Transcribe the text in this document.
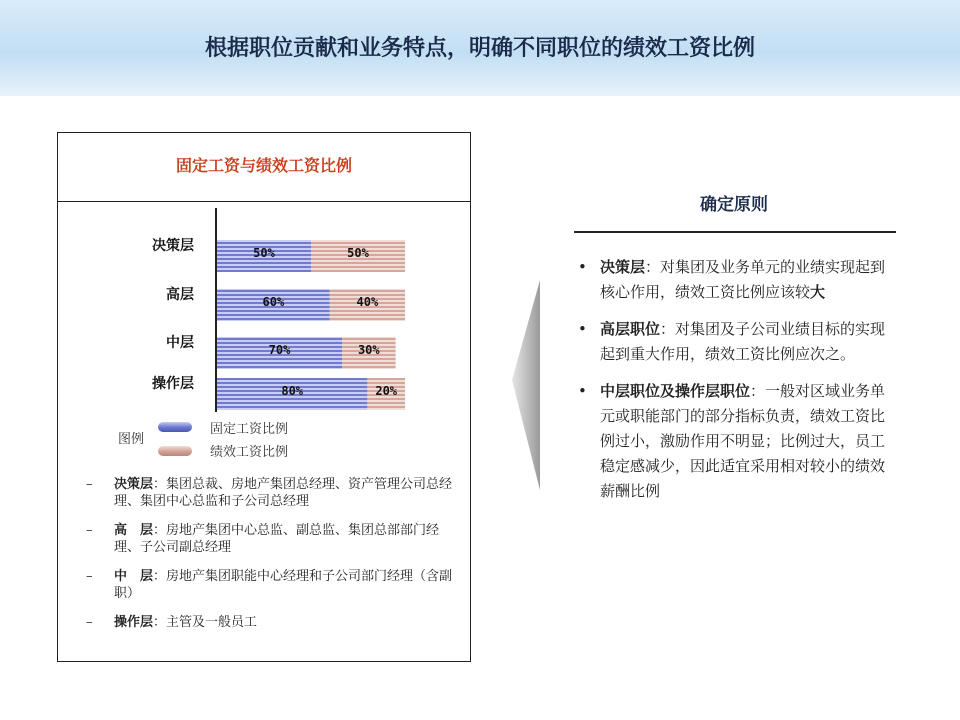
根据职位贡献和业务特点，明确不同职位的绩效工资比例
固定工资与绩效工资比例
决策层	50%	50%
高层	60%	40%
中层	70%	30%
操作层	80%	20%
图例
固定工资比例
绩效工资比例
– 决策层：集团总裁、房地产集团总经理、资产管理公司总经理、集团中心总监和子公司总经理
– 高　层：房地产集团中心总监、副总监、集团总部部门经理、子公司副总经理
– 中　层：房地产集团职能中心经理和子公司部门经理（含副职）
– 操作层：主管及一般员工
确定原则
• 决策层：对集团及业务单元的业绩实现起到核心作用，绩效工资比例应该较大
• 高层职位：对集团及子公司业绩目标的实现起到重大作用，绩效工资比例应次之。
• 中层职位及操作层职位：一般对区域业务单元或职能部门的部分指标负责，绩效工资比例过小，激励作用不明显；比例过大，员工稳定感减少，因此适宜采用相对较小的绩效薪酬比例
